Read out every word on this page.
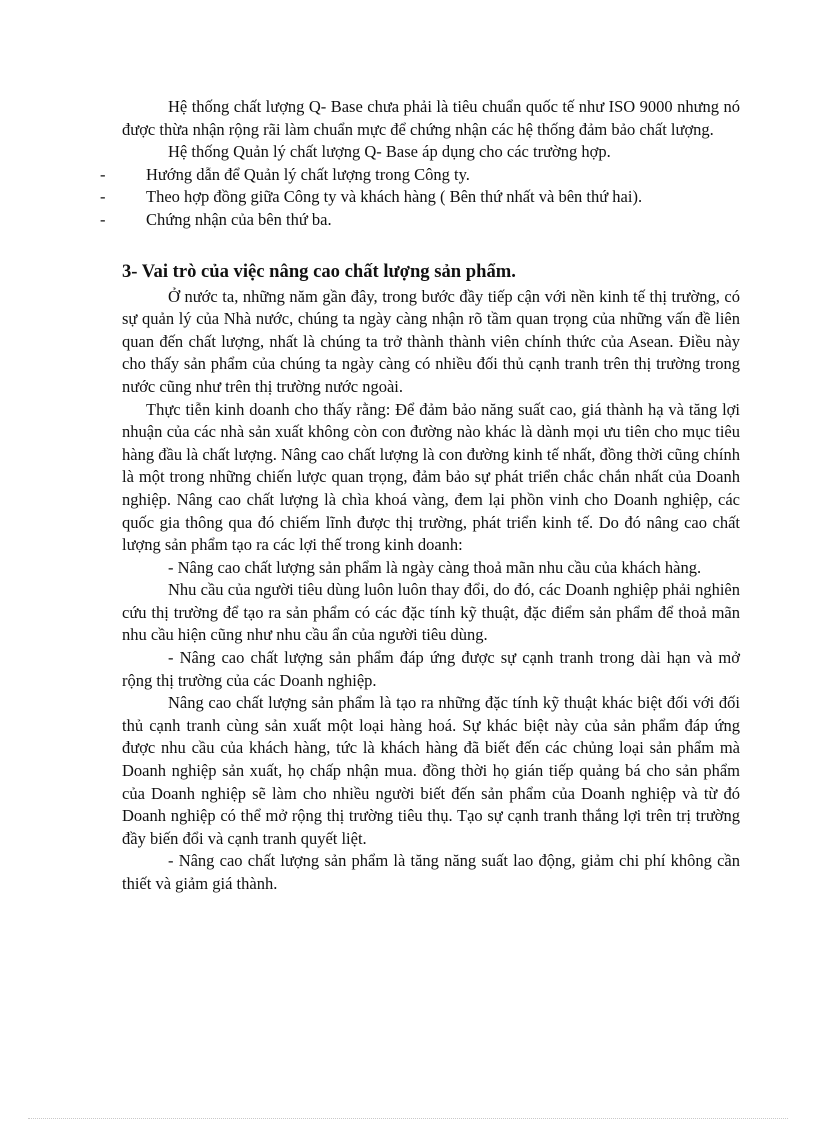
Hệ thống chất lượng Q- Base chưa phải là tiêu chuẩn quốc tế như ISO 9000 nhưng nó được thừa nhận rộng rãi làm chuẩn mực để chứng nhận các hệ thống đảm bảo chất lượng.

Hệ thống Quản lý chất lượng Q- Base áp dụng cho các trường hợp.

- Hướng dẫn để Quản lý chất lượng trong Công ty.
- Theo hợp đồng giữa Công ty và khách hàng ( Bên thứ nhất và bên thứ hai).
- Chứng nhận của bên thứ ba.
3- Vai trò của việc nâng cao chất lượng sản phẩm.

Ở nước ta, những năm gần đây, trong bước đầy tiếp cận với nền kinh tế thị trường, có sự quản lý của Nhà nước, chúng ta ngày càng nhận rõ tầm quan trọng của những vấn đề liên quan đến chất lượng, nhất là chúng ta trở thành thành viên chính thức của Asean. Điều này cho thấy sản phẩm của chúng ta ngày càng có nhiều đối thủ cạnh tranh trên thị trường trong nước cũng như trên thị trường nước ngoài.

Thực tiễn kinh doanh cho thấy rằng: Để đảm bảo năng suất cao, giá thành hạ và tăng lợi nhuận của các nhà sản xuất không còn con đường nào khác là dành mọi ưu tiên cho mục tiêu hàng đầu là chất lượng. Nâng cao chất lượng là con đường kinh tế nhất, đồng thời cũng chính là một trong những chiến lược quan trọng, đảm bảo sự phát triển chắc chắn nhất của Doanh nghiệp. Nâng cao chất lượng là chìa khoá vàng, đem lại phồn vinh cho Doanh nghiệp, các quốc gia thông qua đó chiếm lĩnh được thị trường, phát triển kinh tế. Do đó nâng cao chất lượng sản phẩm tạo ra các lợi thế trong kinh doanh:

- Nâng cao chất lượng sản phẩm là ngày càng thoả mãn nhu cầu của khách hàng.

Nhu cầu của người tiêu dùng luôn luôn thay đổi, do đó, các Doanh nghiệp phải nghiên cứu thị trường để tạo ra sản phẩm có các đặc tính kỹ thuật, đặc điểm sản phẩm để thoả mãn nhu cầu hiện cũng như nhu cầu ẩn của người tiêu dùng.

- Nâng cao chất lượng sản phẩm đáp ứng được sự cạnh tranh trong dài hạn và mở rộng thị trường của các Doanh nghiệp.

Nâng cao chất lượng sản phẩm là tạo ra những đặc tính kỹ thuật khác biệt đối với đối thủ cạnh tranh cùng sản xuất một loại hàng hoá. Sự khác biệt này của sản phẩm đáp ứng được nhu cầu của khách hàng, tức là khách hàng đã biết đến các chủng loại sản phẩm mà Doanh nghiệp sản xuất, họ chấp nhận mua. đồng thời họ gián tiếp quảng bá cho sản phẩm của Doanh nghiệp sẽ làm cho nhiều người biết đến sản phẩm của Doanh nghiệp và từ đó Doanh nghiệp có thể mở rộng thị trường tiêu thụ. Tạo sự cạnh tranh thắng lợi trên trị trường đầy biến đổi và cạnh tranh quyết liệt.

- Nâng cao chất lượng sản phẩm là tăng năng suất lao động, giảm chi phí không cần thiết và giảm giá thành.
